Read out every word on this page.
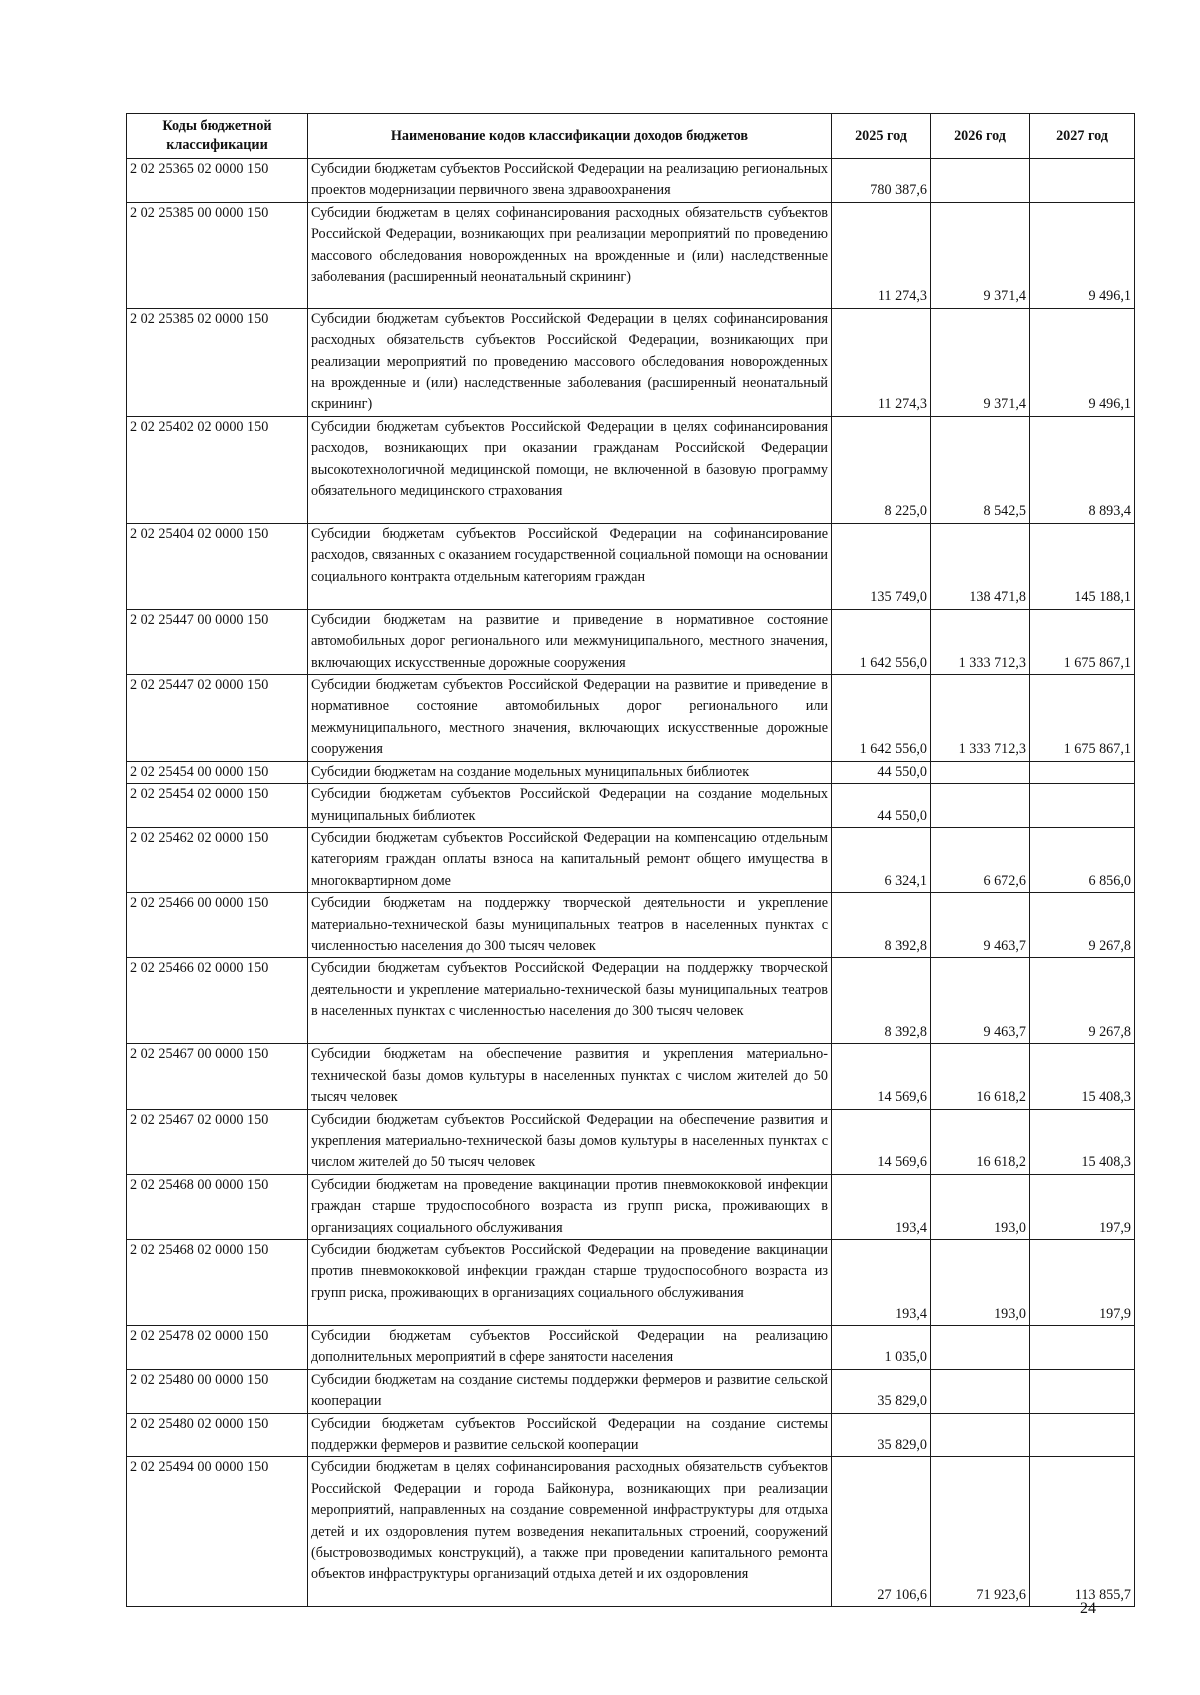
Коды бюджетной классификации	Наименование кодов классификации доходов бюджетов	2025 год	2026 год	2027 год
2 02 25365 02 0000 150	Субсидии бюджетам субъектов Российской Федерации на реализацию региональных проектов модернизации первичного звена здравоохранения	780 387,6		
2 02 25385 00 0000 150	Субсидии бюджетам в целях софинансирования расходных обязательств субъектов Российской Федерации, возникающих при реализации мероприятий по проведению массового обследования новорожденных на врожденные и (или) наследственные заболевания (расширенный неонатальный скрининг)	11 274,3	9 371,4	9 496,1
2 02 25385 02 0000 150	Субсидии бюджетам субъектов Российской Федерации в целях софинансирования расходных обязательств субъектов Российской Федерации, возникающих при реализации мероприятий по проведению массового обследования новорожденных на врожденные и (или) наследственные заболевания (расширенный неонатальный скрининг)	11 274,3	9 371,4	9 496,1
2 02 25402 02 0000 150	Субсидии бюджетам субъектов Российской Федерации в целях софинансирования расходов, возникающих при оказании гражданам Российской Федерации высокотехнологичной медицинской помощи, не включенной в базовую программу обязательного медицинского страхования	8 225,0	8 542,5	8 893,4
2 02 25404 02 0000 150	Субсидии бюджетам субъектов Российской Федерации на софинансирование расходов, связанных с оказанием государственной социальной помощи на основании социального контракта отдельным категориям граждан	135 749,0	138 471,8	145 188,1
2 02 25447 00 0000 150	Субсидии бюджетам на развитие и приведение в нормативное состояние автомобильных дорог регионального или межмуниципального, местного значения, включающих искусственные дорожные сооружения	1 642 556,0	1 333 712,3	1 675 867,1
2 02 25447 02 0000 150	Субсидии бюджетам субъектов Российской Федерации на развитие и приведение в нормативное состояние автомобильных дорог регионального или межмуниципального, местного значения, включающих искусственные дорожные сооружения	1 642 556,0	1 333 712,3	1 675 867,1
2 02 25454 00 0000 150	Субсидии бюджетам на создание модельных муниципальных библиотек	44 550,0		
2 02 25454 02 0000 150	Субсидии бюджетам субъектов Российской Федерации на создание модельных муниципальных библиотек	44 550,0		
2 02 25462 02 0000 150	Субсидии бюджетам субъектов Российской Федерации на компенсацию отдельным категориям граждан оплаты взноса на капитальный ремонт общего имущества в многоквартирном доме	6 324,1	6 672,6	6 856,0
2 02 25466 00 0000 150	Субсидии бюджетам на поддержку творческой деятельности и укрепление материально-технической базы муниципальных театров в населенных пунктах с численностью населения до 300 тысяч человек	8 392,8	9 463,7	9 267,8
2 02 25466 02 0000 150	Субсидии бюджетам субъектов Российской Федерации на поддержку творческой деятельности и укрепление материально-технической базы муниципальных театров в населенных пунктах с численностью населения до 300 тысяч человек	8 392,8	9 463,7	9 267,8
2 02 25467 00 0000 150	Субсидии бюджетам на обеспечение развития и укрепления материально-технической базы домов культуры в населенных пунктах с числом жителей до 50 тысяч человек	14 569,6	16 618,2	15 408,3
2 02 25467 02 0000 150	Субсидии бюджетам субъектов Российской Федерации на обеспечение развития и укрепления материально-технической базы домов культуры в населенных пунктах с числом жителей до 50 тысяч человек	14 569,6	16 618,2	15 408,3
2 02 25468 00 0000 150	Субсидии бюджетам на проведение вакцинации против пневмококковой инфекции граждан старше трудоспособного возраста из групп риска, проживающих в организациях социального обслуживания	193,4	193,0	197,9
2 02 25468 02 0000 150	Субсидии бюджетам субъектов Российской Федерации на проведение вакцинации против пневмококковой инфекции граждан старше трудоспособного возраста из групп риска, проживающих в организациях социального обслуживания	193,4	193,0	197,9
2 02 25478 02 0000 150	Субсидии бюджетам субъектов Российской Федерации на реализацию дополнительных мероприятий в сфере занятости населения	1 035,0		
2 02 25480 00 0000 150	Субсидии бюджетам на создание системы поддержки фермеров и развитие сельской кооперации	35 829,0		
2 02 25480 02 0000 150	Субсидии бюджетам субъектов Российской Федерации на создание системы поддержки фермеров и развитие сельской кооперации	35 829,0		
2 02 25494 00 0000 150	Субсидии бюджетам в целях софинансирования расходных обязательств субъектов Российской Федерации и города Байконура, возникающих при реализации мероприятий, направленных на создание современной инфраструктуры для отдыха детей и их оздоровления путем возведения некапитальных строений, сооружений (быстровозводимых конструкций), а также при проведении капитального ремонта объектов инфраструктуры организаций отдыха детей и их оздоровления	27 106,6	71 923,6	113 855,7
24
